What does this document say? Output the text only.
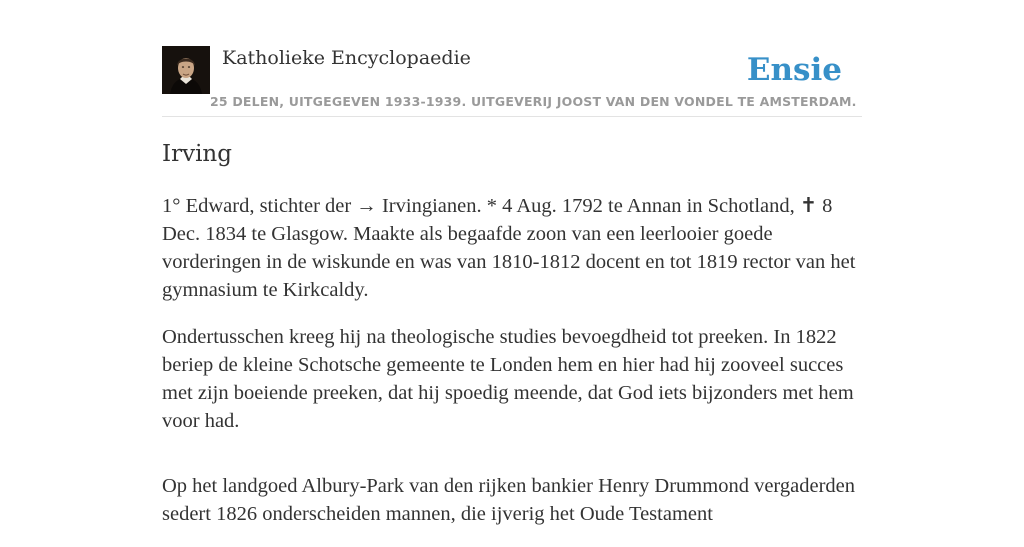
Katholieke Encyclopaedie	Ensie
25 DELEN, UITGEGEVEN 1933-1939. UITGEVERIJ JOOST VAN DEN VONDEL TE AMSTERDAM.
Irving

1° Edward, stichter der → Irvingianen. * 4 Aug. 1792 te Annan in Schotland, ✝ 8 Dec. 1834 te Glasgow. Maakte als begaafde zoon van een leerlooier goede vorderingen in de wiskunde en was van 1810-1812 docent en tot 1819 rector van het gymnasium te Kirkcaldy.

Ondertusschen kreeg hij na theologische studies bevoegdheid tot preeken. In 1822 beriep de kleine Schotsche gemeente te Londen hem en hier had hij zooveel succes met zijn boeiende preeken, dat hij spoedig meende, dat God iets bijzonders met hem voor had.

Op het landgoed Albury-Park van den rijken bankier Henry Drummond vergaderden sedert 1826 onderscheiden mannen, die ijverig het Oude Testament
